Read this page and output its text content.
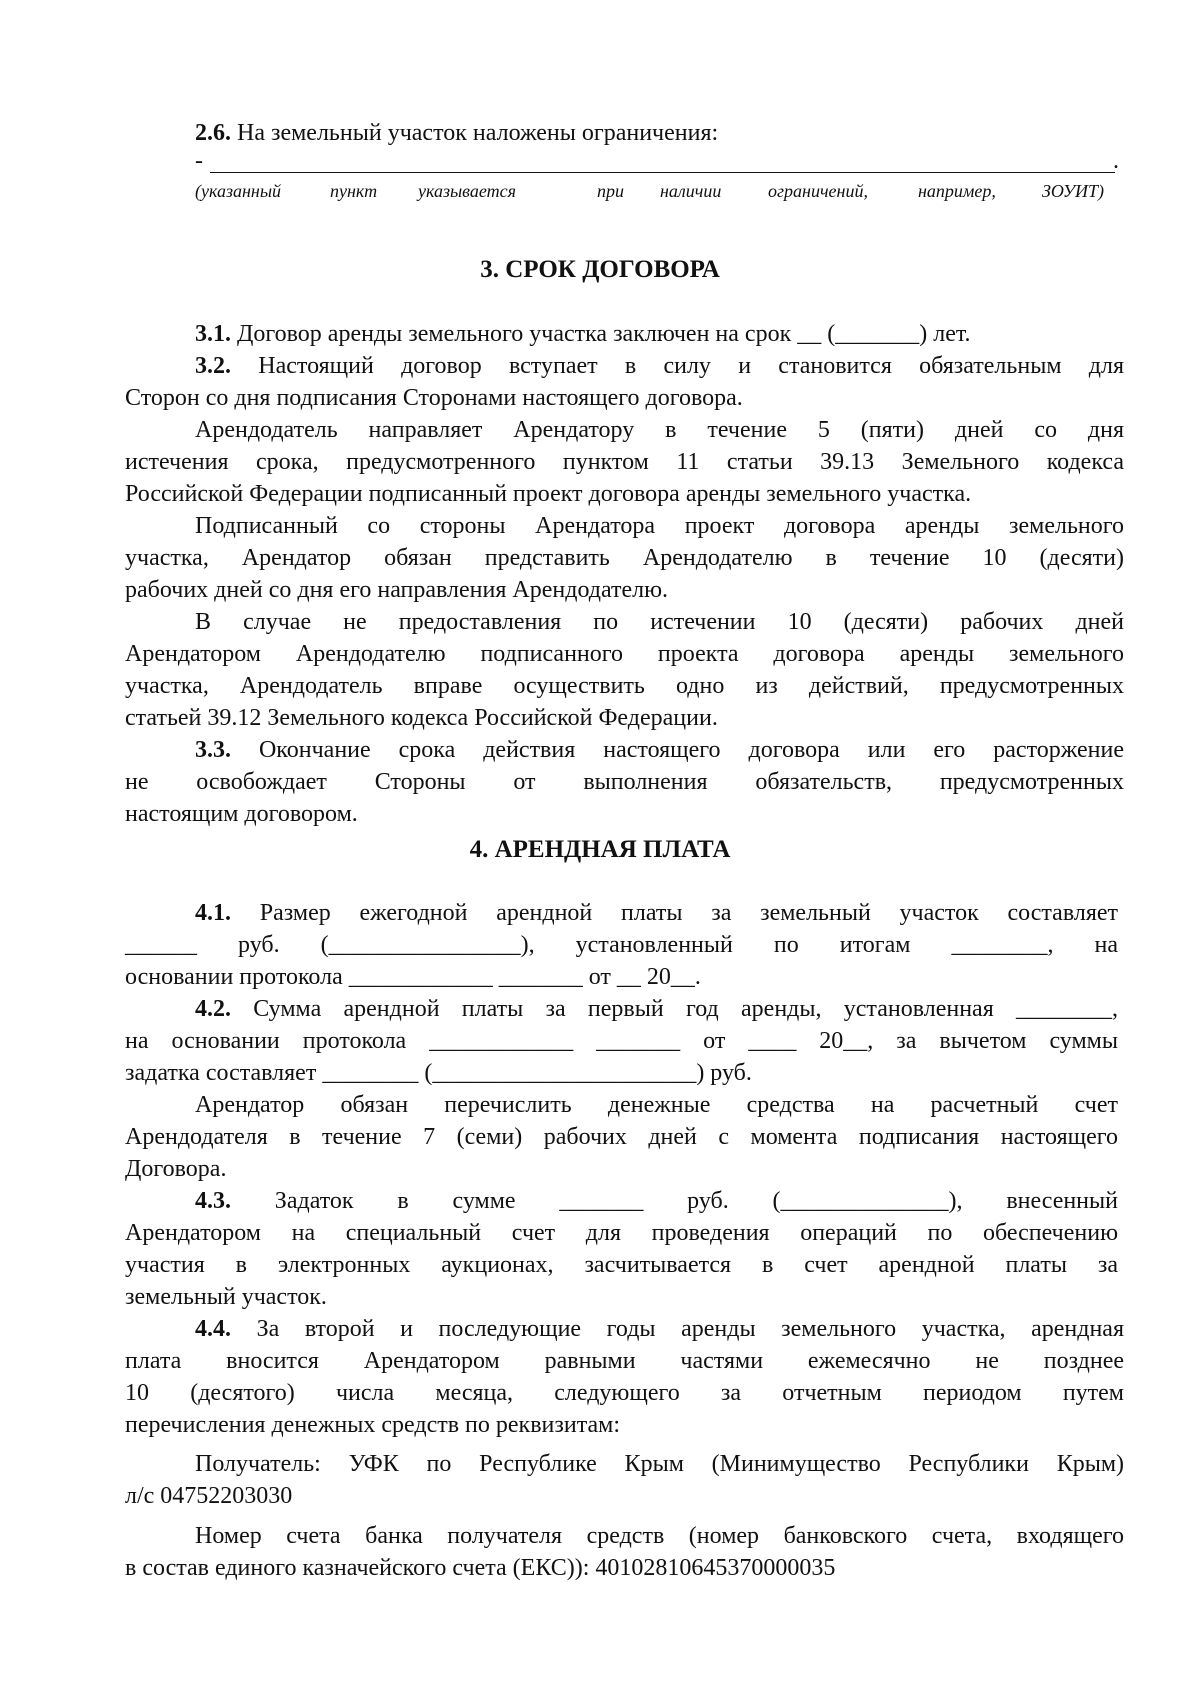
2.6. На земельный участок наложены ограничения:
-	.
(указанный	пункт указывается	при наличии	ограничений,	например,	ЗОУИТ)
3. СРОК ДОГОВОРА
3.1. Договор аренды земельного участка заключен на срок __ (_______) лет.
3.2. Настоящий договор вступает в силу и становится обязательным для
Сторон со дня подписания Сторонами настоящего договора.
Арендодатель направляет Арендатору в течение 5 (пяти) дней со дня
истечения срока, предусмотренного пунктом 11 статьи 39.13 Земельного кодекса
Российской Федерации подписанный проект договора аренды земельного участка.
Подписанный со стороны Арендатора проект договора аренды земельного
участка, Арендатор обязан представить Арендодателю в течение 10 (десяти)
рабочих дней со дня его направления Арендодателю.
В случае не предоставления по истечении 10 (десяти) рабочих дней
Арендатором Арендодателю подписанного проекта договора аренды земельного
участка, Арендодатель вправе осуществить одно из действий, предусмотренных
статьей 39.12 Земельного кодекса Российской Федерации.
3.3. Окончание срока действия настоящего договора или его расторжение
не освобождает Стороны от выполнения обязательств, предусмотренных
настоящим договором.
4. АРЕНДНАЯ ПЛАТА
4.1. Размер ежегодной арендной платы за земельный участок составляет
______ руб. (________________), установленный по итогам ________, на
основании протокола ____________ _______ от __ 20__.
4.2. Сумма арендной платы за первый год аренды, установленная ________,
на основании протокола ____________ _______ от ____ 20__, за вычетом суммы
задатка составляет ________ (______________________) руб.
Арендатор обязан перечислить денежные средства на расчетный счет
Арендодателя в течение 7 (семи) рабочих дней с момента подписания настоящего
Договора.
4.3. Задаток в сумме _______ руб. (______________), внесенный
Арендатором на специальный счет для проведения операций по обеспечению
участия в электронных аукционах, засчитывается в счет арендной платы за
земельный участок.
4.4. За второй и последующие годы аренды земельного участка, арендная
плата вносится Арендатором равными частями ежемесячно не позднее
10 (десятого) числа месяца, следующего за отчетным периодом путем
перечисления денежных средств по реквизитам:
Получатель: УФК по Республике Крым (Минимущество Республики Крым)
л/с 04752203030
Номер счета банка получателя средств (номер банковского счета, входящего
в состав единого казначейского счета (ЕКС)): 40102810645370000035
